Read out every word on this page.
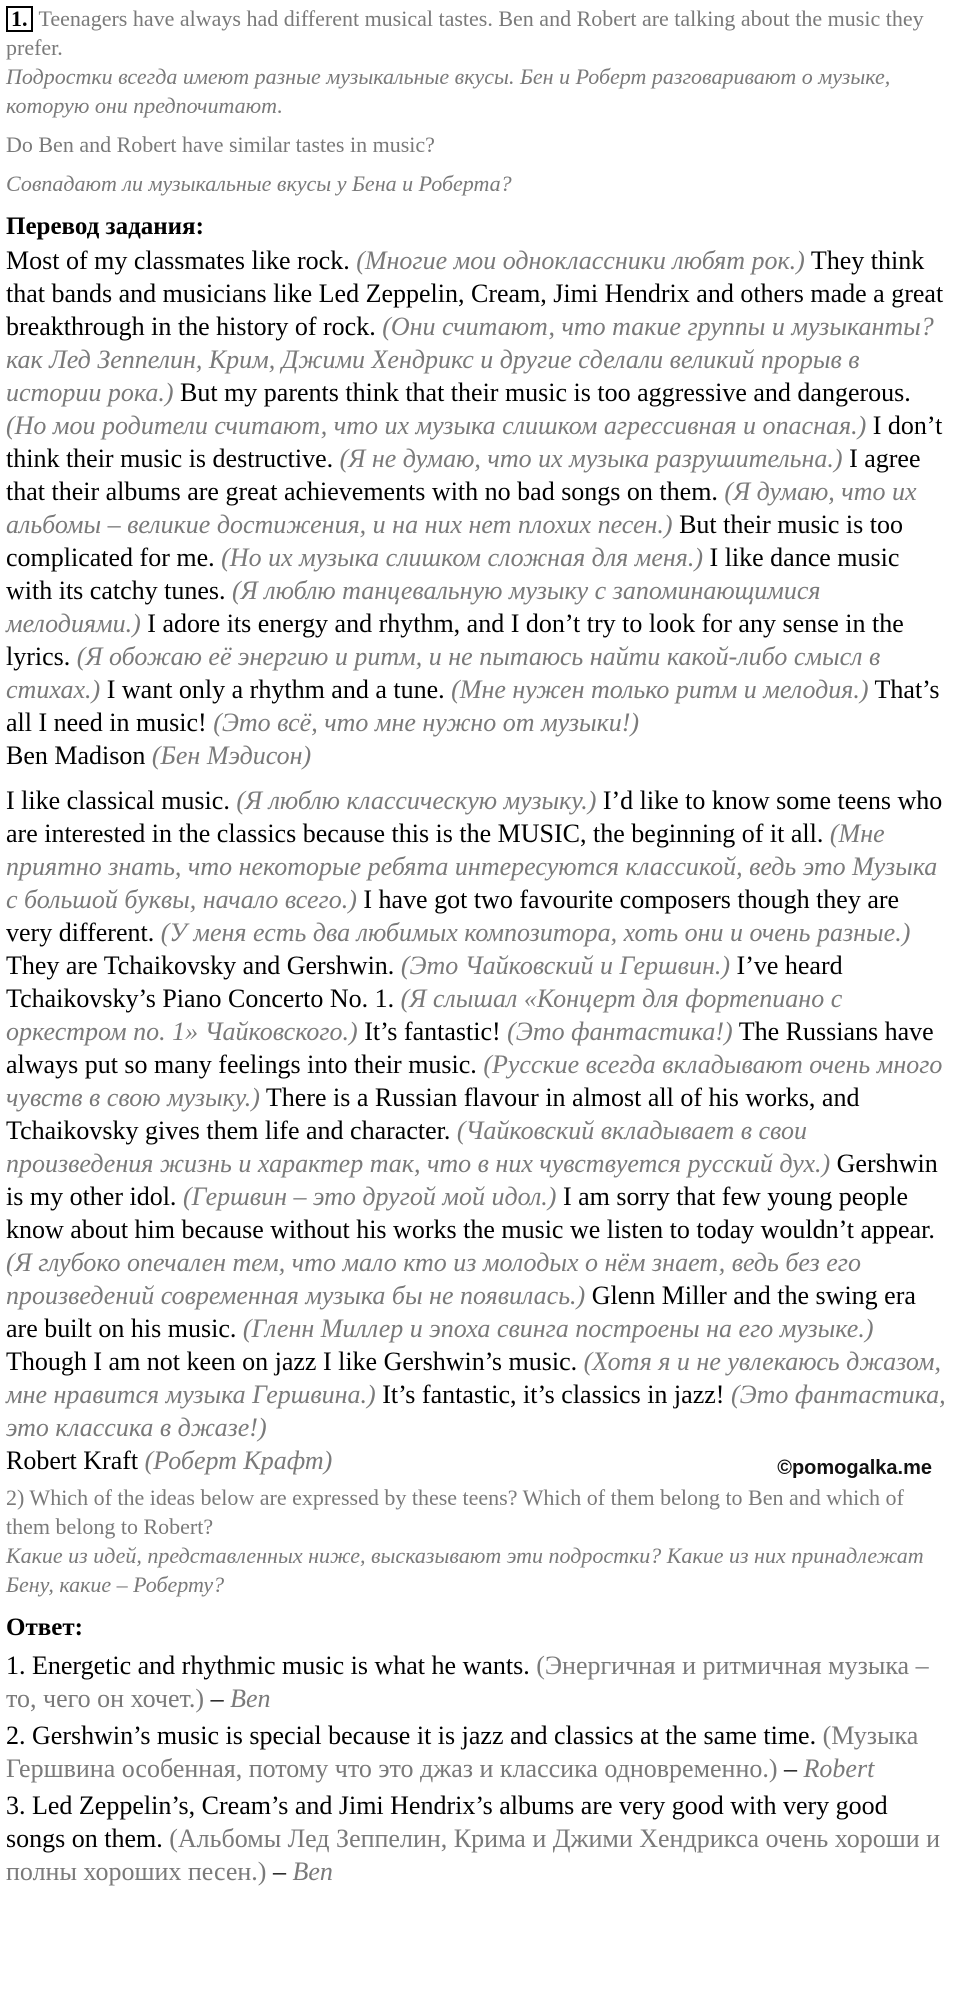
1. Teenagers have always had different musical tastes. Ben and Robert are talking about the music they prefer.
Подростки всегда имеют разные музыкальные вкусы. Бен и Роберт разговаривают о музыке, которую они предпочитают.
Do Ben and Robert have similar tastes in music?
Совпадают ли музыкальные вкусы у Бена и Роберта?
Перевод задания:

Most of my classmates like rock. (Многие мои одноклассники любят рок.) They think that bands and musicians like Led Zeppelin, Cream, Jimi Hendrix and others made a great breakthrough in the history of rock. (Они считают, что такие группы и музыканты? как Лед Зеппелин, Крим, Джими Хендрикс и другие сделали великий прорыв в истории рока.) But my parents think that their music is too aggressive and dangerous. (Но мои родители считают, что их музыка слишком агрессивная и опасная.) I don’t think their music is destructive. (Я не думаю, что их музыка разрушительна.) I agree that their albums are great achievements with no bad songs on them. (Я думаю, что их альбомы – великие достижения, и на них нет плохих песен.) But their music is too complicated for me. (Но их музыка слишком сложная для меня.) I like dance music with its catchy tunes. (Я люблю танцевальную музыку с запоминающимися мелодиями.) I adore its energy and rhythm, and I don’t try to look for any sense in the lyrics. (Я обожаю её энергию и ритм, и не пытаюсь найти какой-либо смысл в стихах.) I want only a rhythm and a tune. (Мне нужен только ритм и мелодия.) That’s all I need in music! (Это всё, что мне нужно от музыки!)

Ben Madison (Бен Мэдисон)

I like classical music. (Я люблю классическую музыку.) I’d like to know some teens who are interested in the classics because this is the MUSIC, the beginning of it all. (Мне приятно знать, что некоторые ребята интересуются классикой, ведь это Музыка с большой буквы, начало всего.) I have got two favourite composers though they are very different. (У меня есть два любимых композитора, хоть они и очень разные.) They are Tchaikovsky and Gershwin. (Это Чайковский и Гершвин.) I’ve heard Tchaikovsky’s Piano Concerto No. 1. (Я слышал «Концерт для фортепиано с оркестром по. 1» Чайковского.) It’s fantastic! (Это фантастика!) The Russians have always put so many feelings into their music. (Русские всегда вкладывают очень много чувств в свою музыку.) There is a Russian flavour in almost all of his works, and Tchaikovsky gives them life and character. (Чайковский вкладывает в свои произведения жизнь и характер так, что в них чувствуется русский дух.) Gershwin is my other idol. (Гершвин – это другой мой идол.) I am sorry that few young people know about him because without his works the music we listen to today wouldn’t appear. (Я глубоко опечален тем, что мало кто из молодых о нём знает, ведь без его произведений современная музыка бы не появилась.) Glenn Miller and the swing era are built on his music. (Гленн Миллер и эпоха свинга построены на его музыке.) Though I am not keen on jazz I like Gershwin’s music. (Хотя я и не увлекаюсь джазом, мне нравится музыка Гершвина.) It’s fantastic, it’s classics in jazz! (Это фантастика, это классика в джазе!)

Robert Kraft (Роберт Крафт)	©pomogalka.me

2) Which of the ideas below are expressed by these teens? Which of them belong to Ben and which of them belong to Robert?
Какие из идей, представленных ниже, высказывают эти подростки? Какие из них принадлежат Бену, какие – Роберту?
Ответ:
1. Energetic and rhythmic music is what he wants. (Энергичная и ритмичная музыка – то, чего он хочет.) – Ben
2. Gershwin’s music is special because it is jazz and classics at the same time. (Музыка Гершвина особенная, потому что это джаз и классика одновременно.) – Robert
3. Led Zeppelin’s, Cream’s and Jimi Hendrix’s albums are very good with very good songs on them. (Альбомы Лед Зеппелин, Крима и Джими Хендрикса очень хороши и полны хороших песен.) – Ben
